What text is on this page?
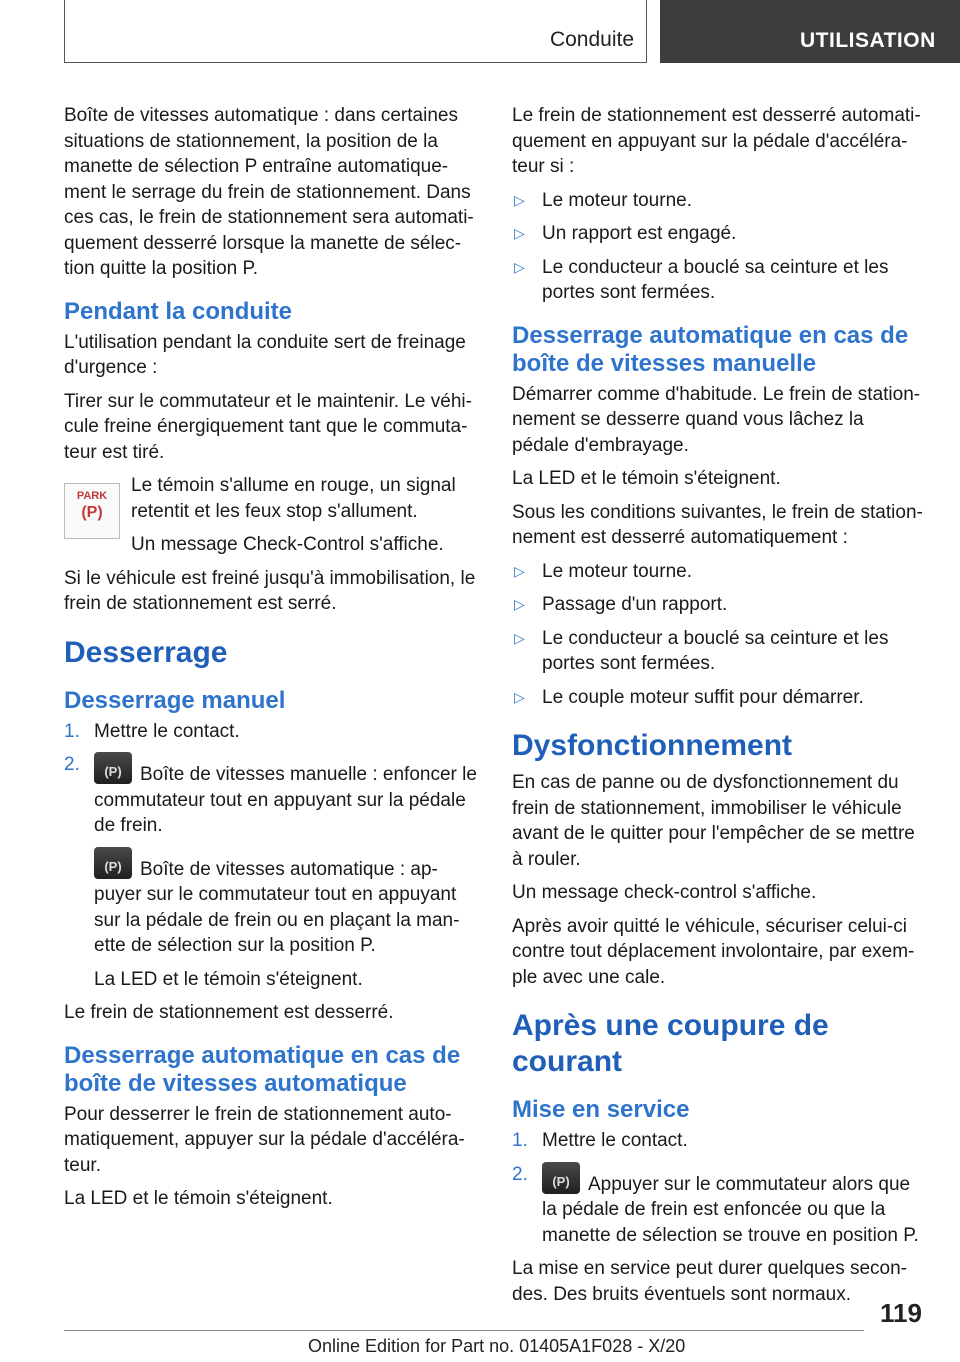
Conduite	UTILISATION

Boîte de vitesses automatique : dans certaines situations de stationnement, la position de la manette de sélection P entraîne automatique-ment le serrage du frein de stationnement. Dans ces cas, le frein de stationnement sera automati-quement desserré lorsque la manette de sélec-tion quitte la position P.

Pendant la conduite

L'utilisation pendant la conduite sert de freinage d'urgence :

Tirer sur le commutateur et le maintenir. Le véhi-cule freine énergiquement tant que le commuta-teur est tiré.

PARK
(P)

Le témoin s'allume en rouge, un signal retentit et les feux stop s'allument.

Un message Check-Control s'affiche.

Si le véhicule est freiné jusqu'à immobilisation, le frein de stationnement est serré.

Desserrage
Desserrage manuel
1. Mettre le contact.
2. (P)	Boîte de vitesses manuelle : enfoncer le commutateur tout en appuyant sur la pédale de frein.

(P)Boîte de vitesses automatique : ap-puyer sur le commutateur tout en appuyant sur la pédale de frein ou en plaçant la man-ette de sélection sur la position P.

La LED et le témoin s'éteignent.

Le frein de stationnement est desserré.

Desserrage automatique en cas de boîte de vitesses automatique

Pour desserrer le frein de stationnement auto-matiquement, appuyer sur la pédale d'accéléra-teur.

La LED et le témoin s'éteignent.

Le frein de stationnement est desserré automati-quement en appuyant sur la pédale d'accéléra-teur si :

▷ Le moteur tourne.
▷ Un rapport est engagé.
▷ Le conducteur a bouclé sa ceinture et les portes sont fermées.
Desserrage automatique en cas de boîte de vitesses manuelle

Démarrer comme d'habitude. Le frein de station-nement se desserre quand vous lâchez la pédale d'embrayage.

La LED et le témoin s'éteignent.

Sous les conditions suivantes, le frein de station-nement est desserré automatiquement :

▷ Le moteur tourne.
▷ Passage d'un rapport.
▷ Le conducteur a bouclé sa ceinture et les portes sont fermées.
▷ Le couple moteur suffit pour démarrer.
Dysfonctionnement

En cas de panne ou de dysfonctionnement du frein de stationnement, immobiliser le véhicule avant de le quitter pour l'empêcher de se mettre à rouler.

Un message check-control s'affiche.

Après avoir quitté le véhicule, sécuriser celui-ci contre tout déplacement involontaire, par exem-ple avec une cale.

Après une coupure de courant
Mise en service
1. Mettre le contact.
2. (P)	Appuyer sur le commutateur alors que la pédale de frein est enfoncée ou que la manette de sélection se trouve en position P.

La mise en service peut durer quelques secon-des. Des bruits éventuels sont normaux.

119
Online Edition for Part no. 01405A1F028 - X/20
